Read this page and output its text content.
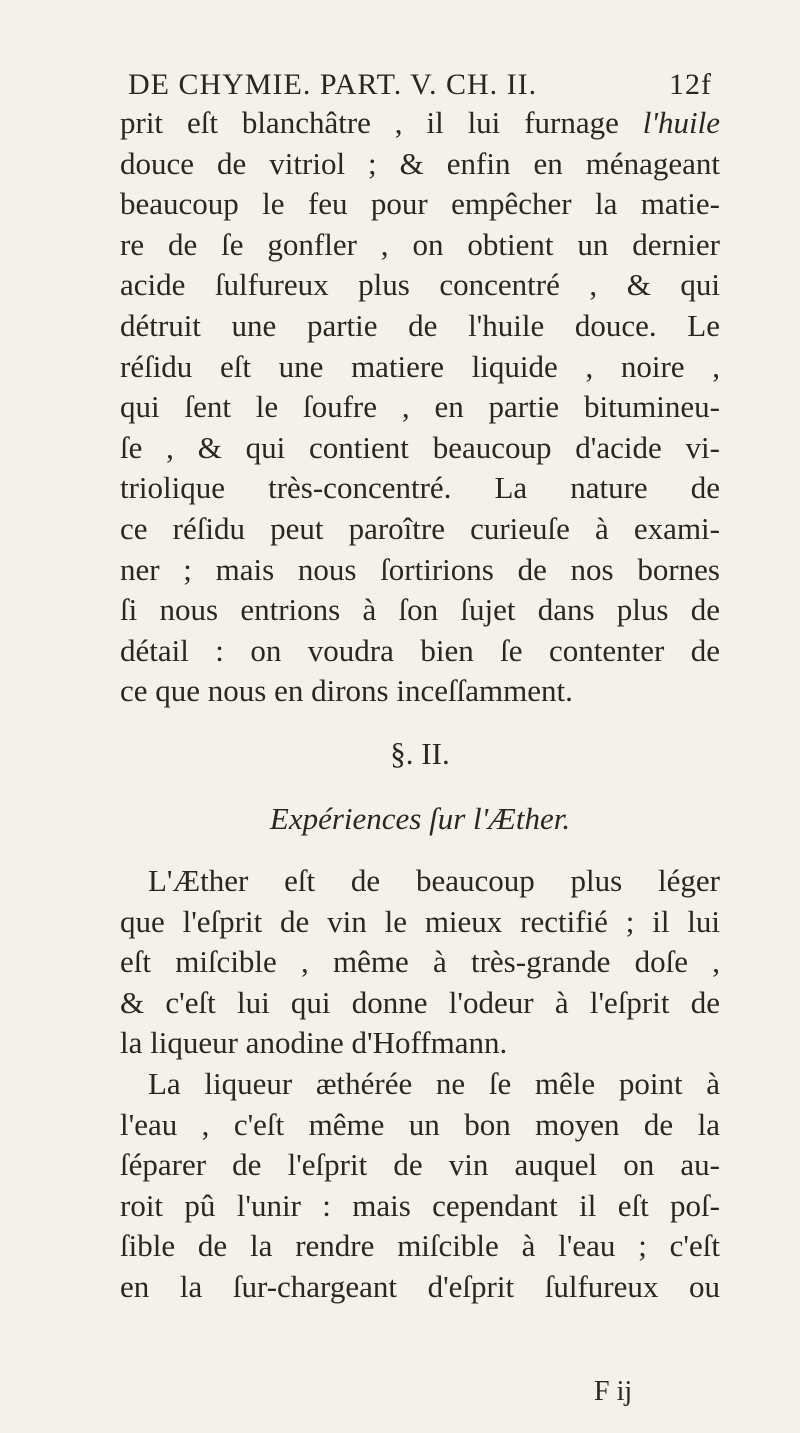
DE CHYMIE. PART. V. CH. II.	12f
prit eſt blanchâtre , il lui furnage l'huile
douce de vitriol ; & enfin en ménageant
beaucoup le feu pour empêcher la matie-
re de ſe gonfler , on obtient un dernier
acide ſulfureux plus concentré , & qui
détruit une partie de l'huile douce. Le
réſidu eſt une matiere liquide , noire ,
qui ſent le ſoufre , en partie bitumineu-
ſe , & qui contient beaucoup d'acide vi-
triolique très-concentré. La nature de
ce réſidu peut paroître curieuſe à exami-
ner ; mais nous ſortirions de nos bornes
ſi nous entrions à ſon ſujet dans plus de
détail : on voudra bien ſe contenter de
ce que nous en dirons inceſſamment.
§. II.
Expériences ſur l'Æther.
L'Æther eſt de beaucoup plus léger
que l'eſprit de vin le mieux rectifié ; il lui
eſt miſcible , même à très-grande doſe ,
& c'eſt lui qui donne l'odeur à l'eſprit de
la liqueur anodine d'Hoffmann.
La liqueur æthérée ne ſe mêle point à
l'eau , c'eſt même un bon moyen de la
ſéparer de l'eſprit de vin auquel on au-
roit pû l'unir : mais cependant il eſt poſ-
ſible de la rendre miſcible à l'eau ; c'eſt
en la ſur-chargeant d'eſprit ſulfureux ou
F ij
